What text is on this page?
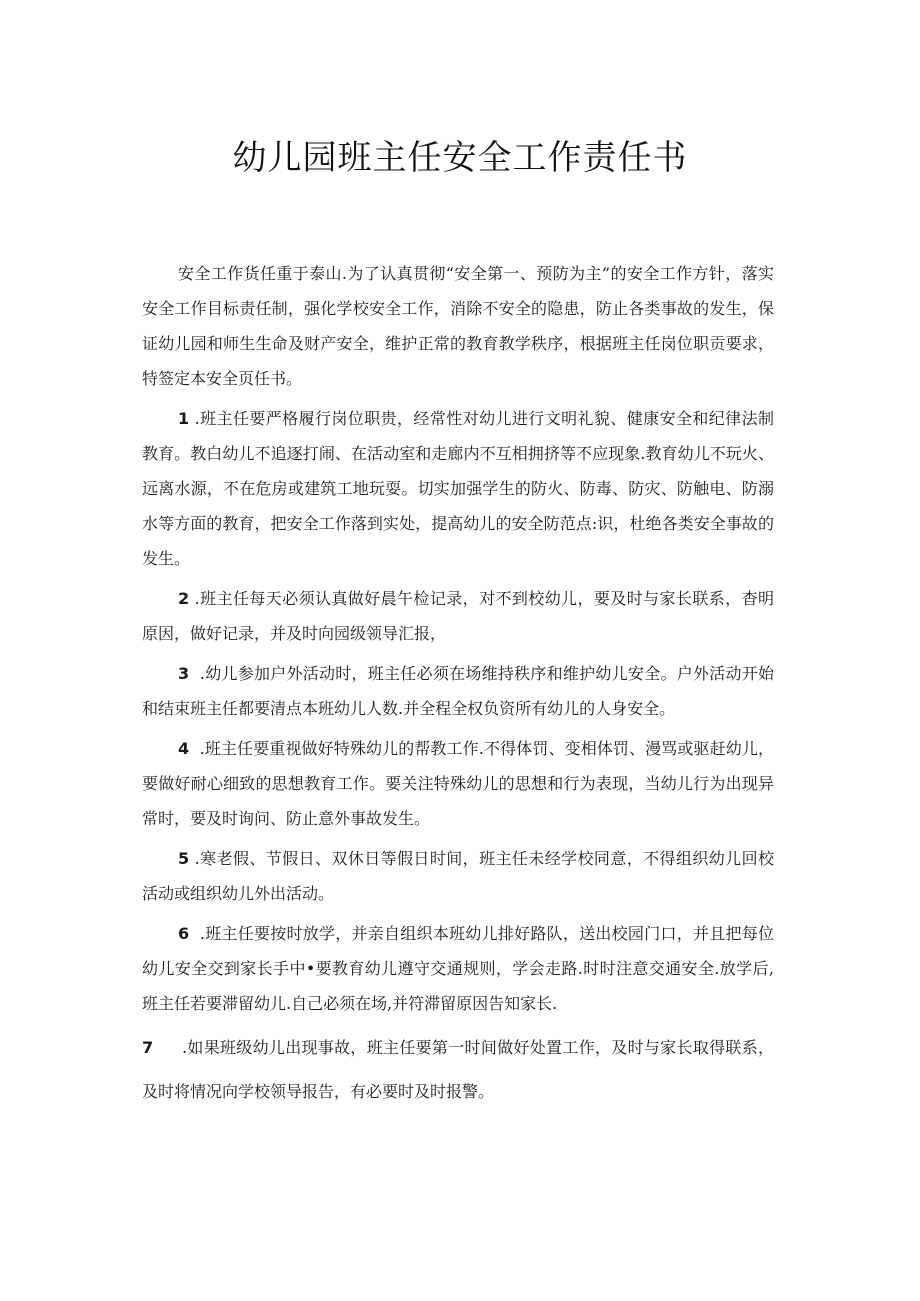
幼儿园班主任安全工作责任书

安全工作货任重于泰山.为了认真贯彻“安全第一、预防为主”的安全工作方针，落实安全工作目标责任制，强化学校安全工作，消除不安全的隐患，防止各类事故的发生，保证幼儿园和师生生命及财产安全，维护正常的教育教学秩序，根据班主任岗位职贡要求，特签定本安全页任书。

1 .班主任要严格履行岗位职贵，经常性对幼儿进行文明礼貌、健康安全和纪律法制教育。教白幼儿不追逐打闹、在活动室和走廊内不互相拥挤等不应现象.教育幼儿不玩火、远离水源，不在危房或建筑工地玩耍。切实加强学生的防火、防毒、防灾、防触电、防溺水等方面的教育，把安全工作落到实处，提高幼儿的安全防范点:识，杜绝各类安全事故的发生。

2 .班主任每天必须认真做好晨午检记录，对不到校幼儿，要及时与家长联系，杳明原因，做好记录，并及时向园级领导汇报，

3 .幼儿参加户外活动时，班主任必须在场维持秩序和维护幼儿安全。户外活动开始和结束班主任都要清点本班幼儿人数.并全程全权负资所有幼儿的人身安全。

4 .班主任要重视做好特殊幼儿的帮教工作.不得体罚、变相体罚、漫骂或驱赶幼儿，要做好耐心细致的思想教育工作。要关注特殊幼儿的思想和行为表现，当幼儿行为出现异常时，要及时询问、防止意外事故发生。

5 .寒老假、节假日、双休日等假日时间，班主任未经学校同意，不得组织幼儿回校活动或组织幼儿外出活动。

6 .班主任要按时放学，并亲自组织本班幼儿排好路队，送出校园门口，并且把每位幼儿安全交到家长手中•要教育幼儿遵守交通规则，学会走路.时时注意交通安全.放学后,班主任若要滞留幼儿.自己必须在场,并符滞留原因告知家长.

7 .如果班级幼儿出现事故，班主任要第一时间做好处置工作，及时与家长取得联系，及时将情况向学校领导报告，有必要时及时报警。
